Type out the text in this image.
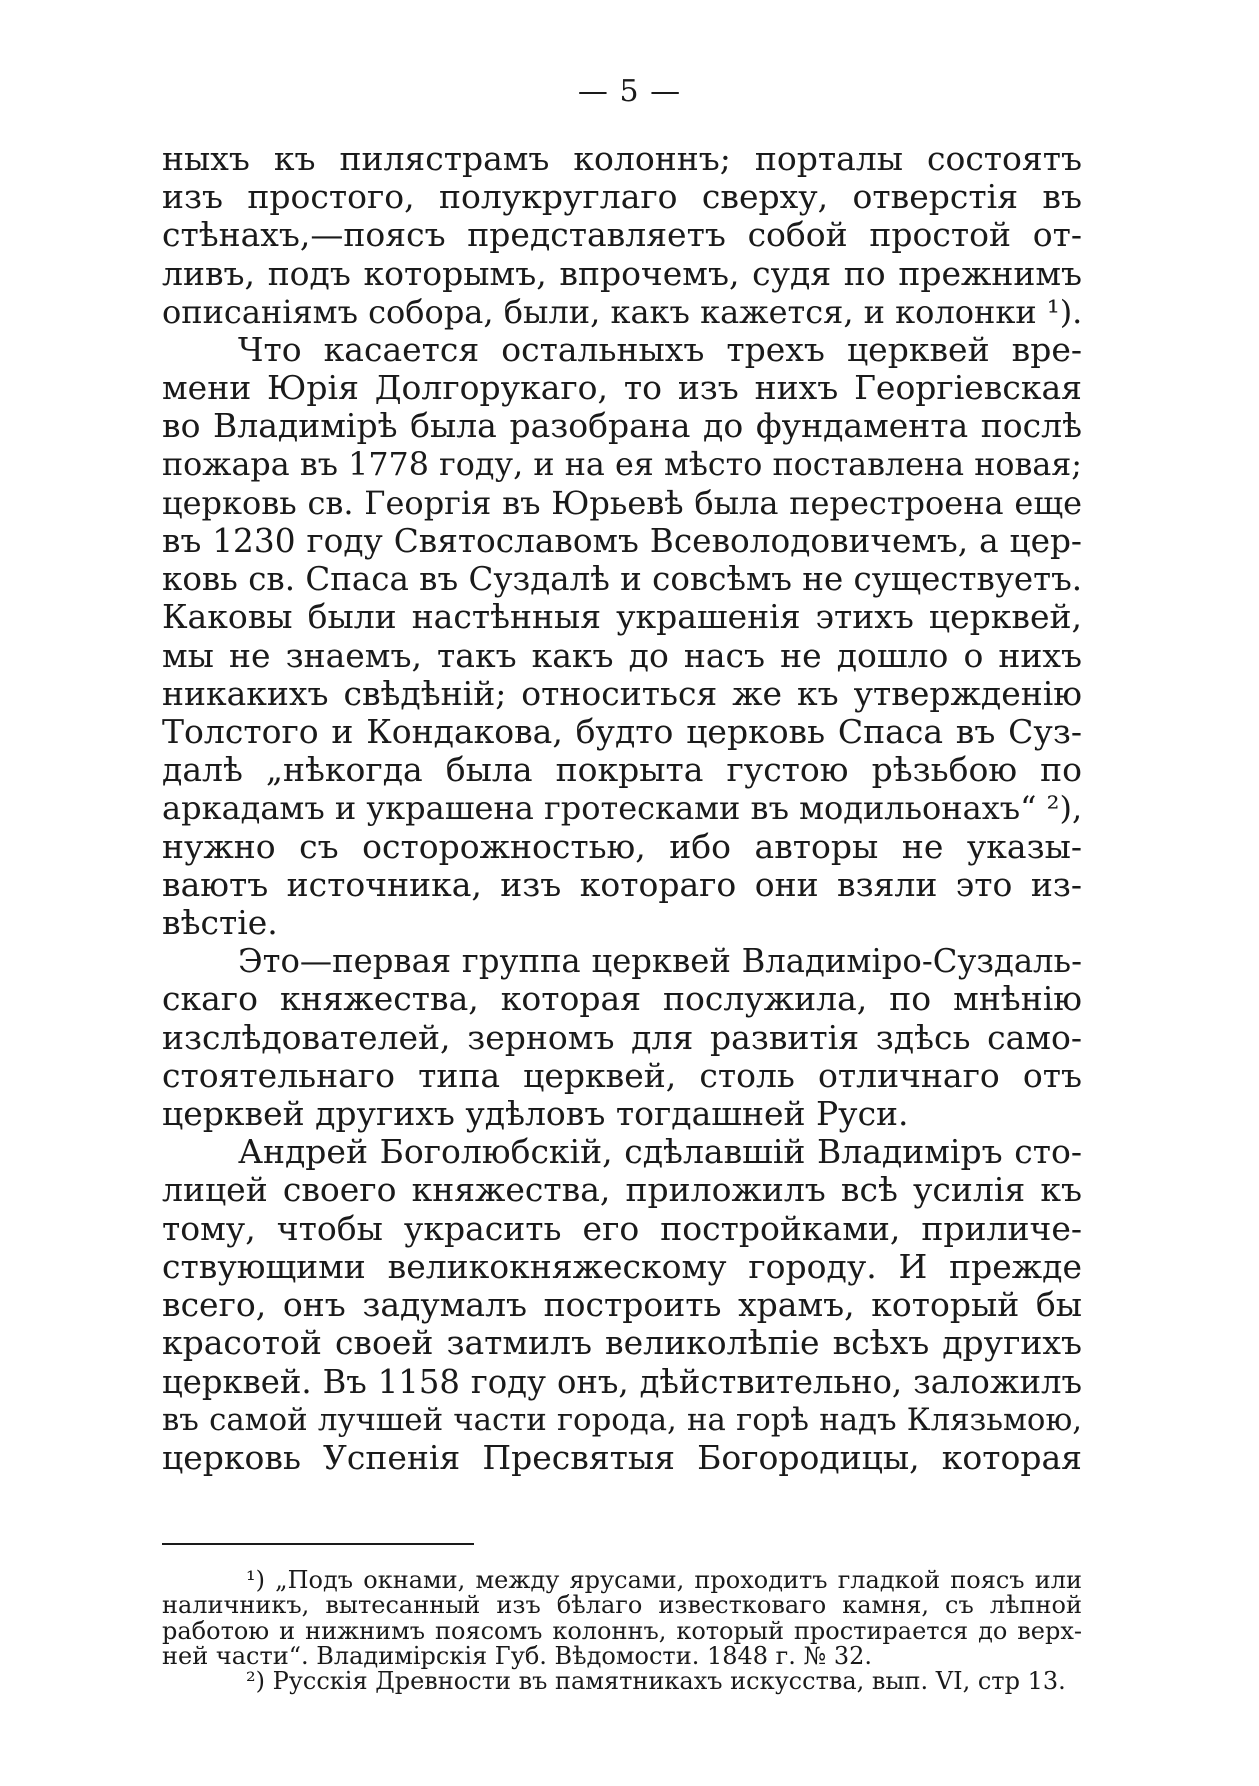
— 5 —

ныхъ къ пилястрамъ колоннъ; порталы состоятъ
изъ простого, полукруглаго сверху, отверстія въ
стѣнахъ,—поясъ представляетъ собой простой от-
ливъ, подъ которымъ, впрочемъ, судя по прежнимъ
описаніямъ собора, были, какъ кажется, и колонки ¹).

Что касается остальныхъ трехъ церквей вре-
мени Юрія Долгорукаго, то изъ нихъ Георгіевская
во Владимірѣ была разобрана до фундамента послѣ
пожара въ 1778 году, и на ея мѣсто поставлена новая;
церковь св. Георгія въ Юрьевѣ была перестроена еще
въ 1230 году Святославомъ Всеволодовичемъ, а цер-
ковь св. Спаса въ Суздалѣ и совсѣмъ не существуетъ.
Каковы были настѣнныя украшенія этихъ церквей,
мы не знаемъ, такъ какъ до насъ не дошло о нихъ
никакихъ свѣдѣній; относиться же къ утвержденію
Толстого и Кондакова, будто церковь Спаса въ Суз-
далѣ „нѣкогда была покрыта густою рѣзьбою по
аркадамъ и украшена гротесками въ модильонахъ“ ²),
нужно съ осторожностью, ибо авторы не указы-
ваютъ источника, изъ котораго они взяли это из-
вѣстіе.

Это—первая группа церквей Владиміро-Суздаль-
скаго княжества, которая послужила, по мнѣнію
изслѣдователей, зерномъ для развитія здѣсь само-
стоятельнаго типа церквей, столь отличнаго отъ
церквей другихъ удѣловъ тогдашней Руси.

Андрей Боголюбскій, сдѣлавшій Владиміръ сто-
лицей своего княжества, приложилъ всѣ усилія къ
тому, чтобы украсить его постройками, приличе-
ствующими великокняжескому городу. И прежде
всего, онъ задумалъ построить храмъ, который бы
красотой своей затмилъ великолѣпіе всѣхъ другихъ
церквей. Въ 1158 году онъ, дѣйствительно, заложилъ
въ самой лучшей части города, на горѣ надъ Клязьмою,
церковь Успенія Пресвятыя Богородицы, которая

¹) „Подъ окнами, между ярусами, проходитъ гладкой поясъ или
наличникъ, вытесанный изъ бѣлаго известковаго камня, съ лѣпной
работою и нижнимъ поясомъ колоннъ, который простирается до верх-
ней части“. Владимірскія Губ. Вѣдомости. 1848 г. № 32.
²) Русскія Древности въ памятникахъ искусства, вып. VI, стр 13.
